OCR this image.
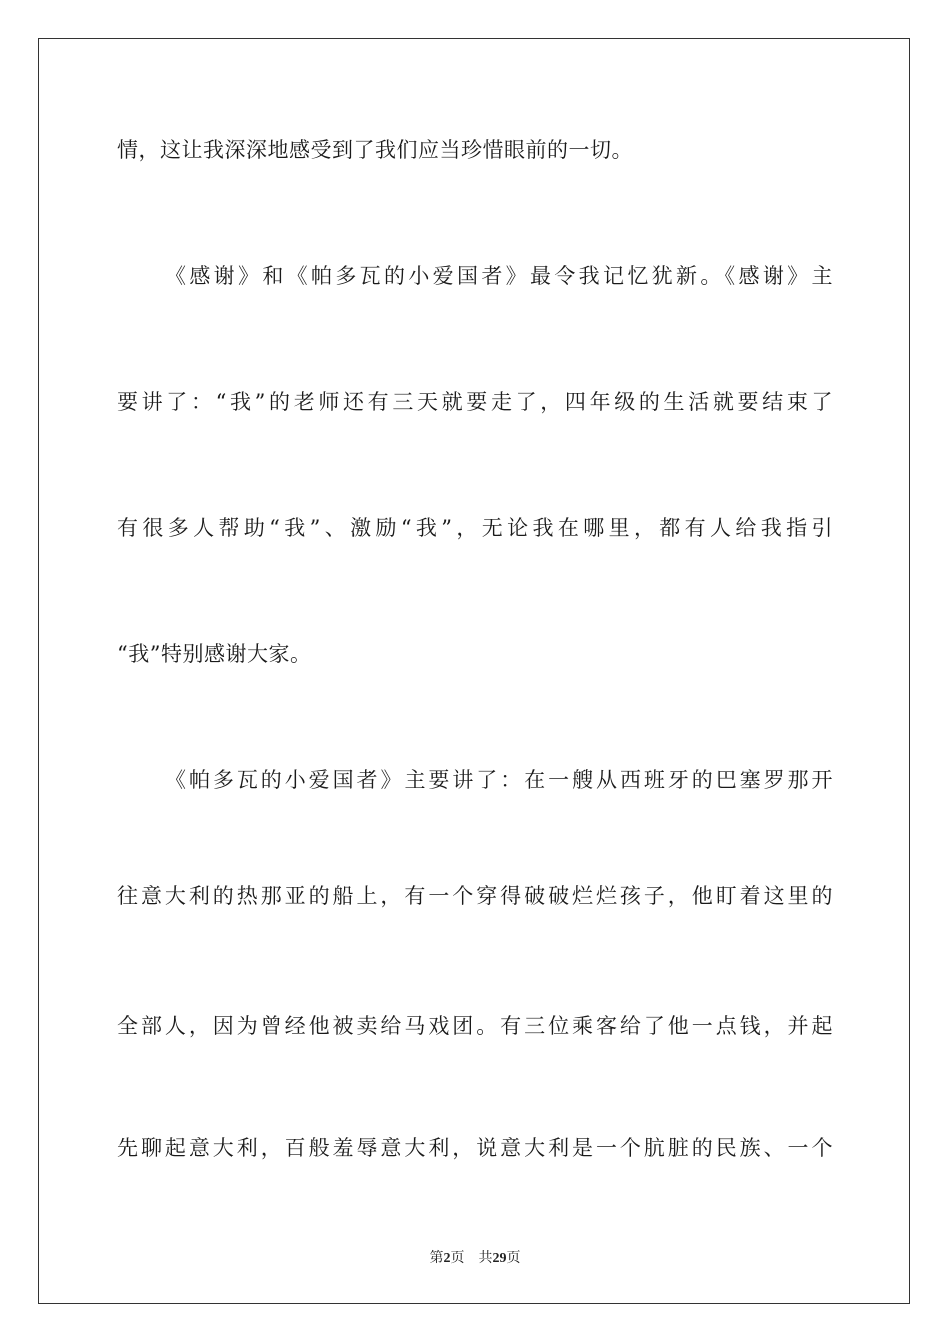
情，这让我深深地感受到了我们应当珍惜眼前的一切。
《感谢》和《帕多瓦的小爱国者》最令我记忆犹新。《感谢》主
要讲了：“我”的老师还有三天就要走了，四年级的生活就要结束了
有很多人帮助“我”、激励“我”，无论我在哪里，都有人给我指引
“我”特别感谢大家。
《帕多瓦的小爱国者》主要讲了：在一艘从西班牙的巴塞罗那开
往意大利的热那亚的船上，有一个穿得破破烂烂孩子，他盯着这里的
全部人，因为曾经他被卖给马戏团。有三位乘客给了他一点钱，并起
先聊起意大利，百般羞辱意大利，说意大利是一个肮脏的民族、一个
第2页 共29页
